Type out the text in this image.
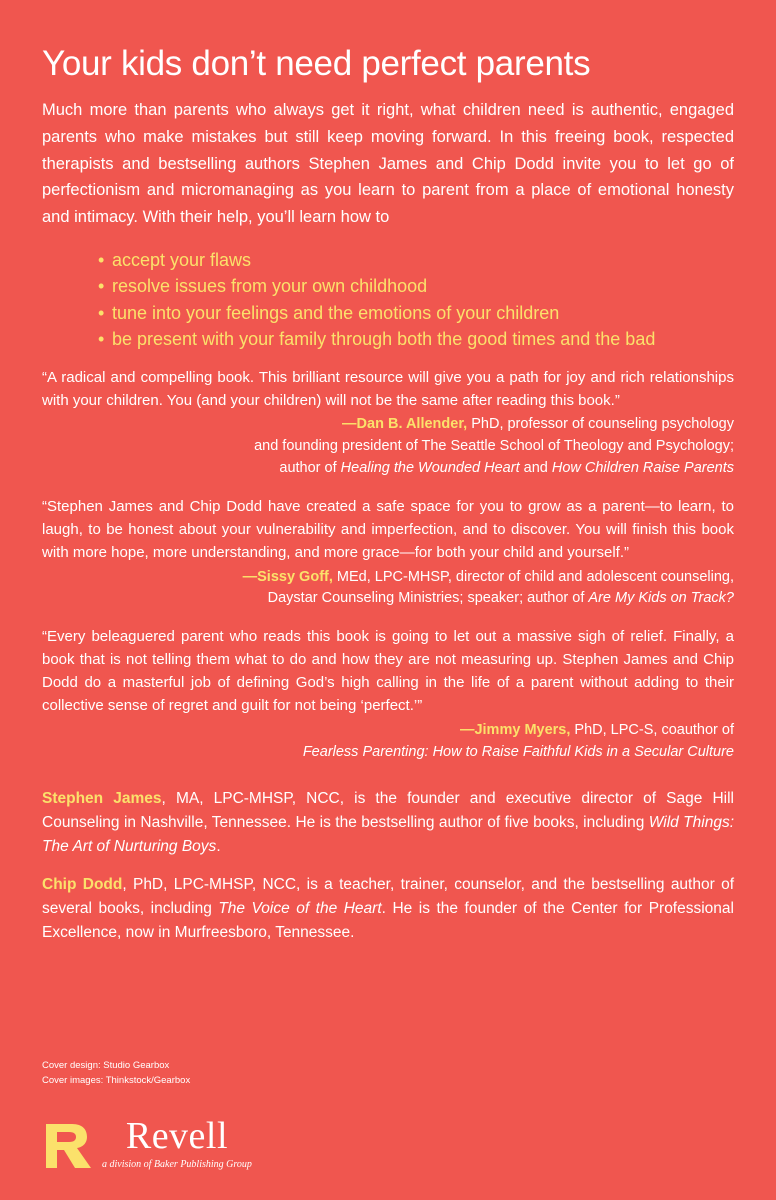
Your kids don’t need perfect parents

Much more than parents who always get it right, what children need is authentic, engaged parents who make mistakes but still keep moving forward. In this freeing book, respected therapists and bestselling authors Stephen James and Chip Dodd invite you to let go of perfectionism and micromanaging as you learn to parent from a place of emotional honesty and intimacy. With their help, you’ll learn how to

• accept your flaws
• resolve issues from your own childhood
• tune into your feelings and the emotions of your children
• be present with your family through both the good times and the bad

“A radical and compelling book. This brilliant resource will give you a path for joy and rich relationships with your children. You (and your children) will not be the same after reading this book.”

—Dan B. Allender, PhD, professor of counseling psychology
and founding president of The Seattle School of Theology and Psychology;
author of Healing the Wounded Heart and How Children Raise Parents

“Stephen James and Chip Dodd have created a safe space for you to grow as a parent—to learn, to laugh, to be honest about your vulnerability and imperfection, and to discover. You will finish this book with more hope, more understanding, and more grace—for both your child and yourself.”

—Sissy Goff, MEd, LPC-MHSP, director of child and adolescent counseling,
Daystar Counseling Ministries; speaker; author of Are My Kids on Track?

“Every beleaguered parent who reads this book is going to let out a massive sigh of relief. Finally, a book that is not telling them what to do and how they are not measuring up. Stephen James and Chip Dodd do a masterful job of defining God’s high calling in the life of a parent without adding to their collective sense of regret and guilt for not being ‘perfect.’”

—Jimmy Myers, PhD, LPC-S, coauthor of
Fearless Parenting: How to Raise Faithful Kids in a Secular Culture

Stephen James, MA, LPC-MHSP, NCC, is the founder and executive director of Sage Hill Counseling in Nashville, Tennessee. He is the bestselling author of five books, including Wild Things: The Art of Nurturing Boys.

Chip Dodd, PhD, LPC-MHSP, NCC, is a teacher, trainer, counselor, and the bestselling author of several books, including The Voice of the Heart. He is the founder of the Center for Professional Excellence, now in Murfreesboro, Tennessee.

Cover design: Studio Gearbox
Cover images: Thinkstock/Gearbox
Revell
a division of Baker Publishing Group
